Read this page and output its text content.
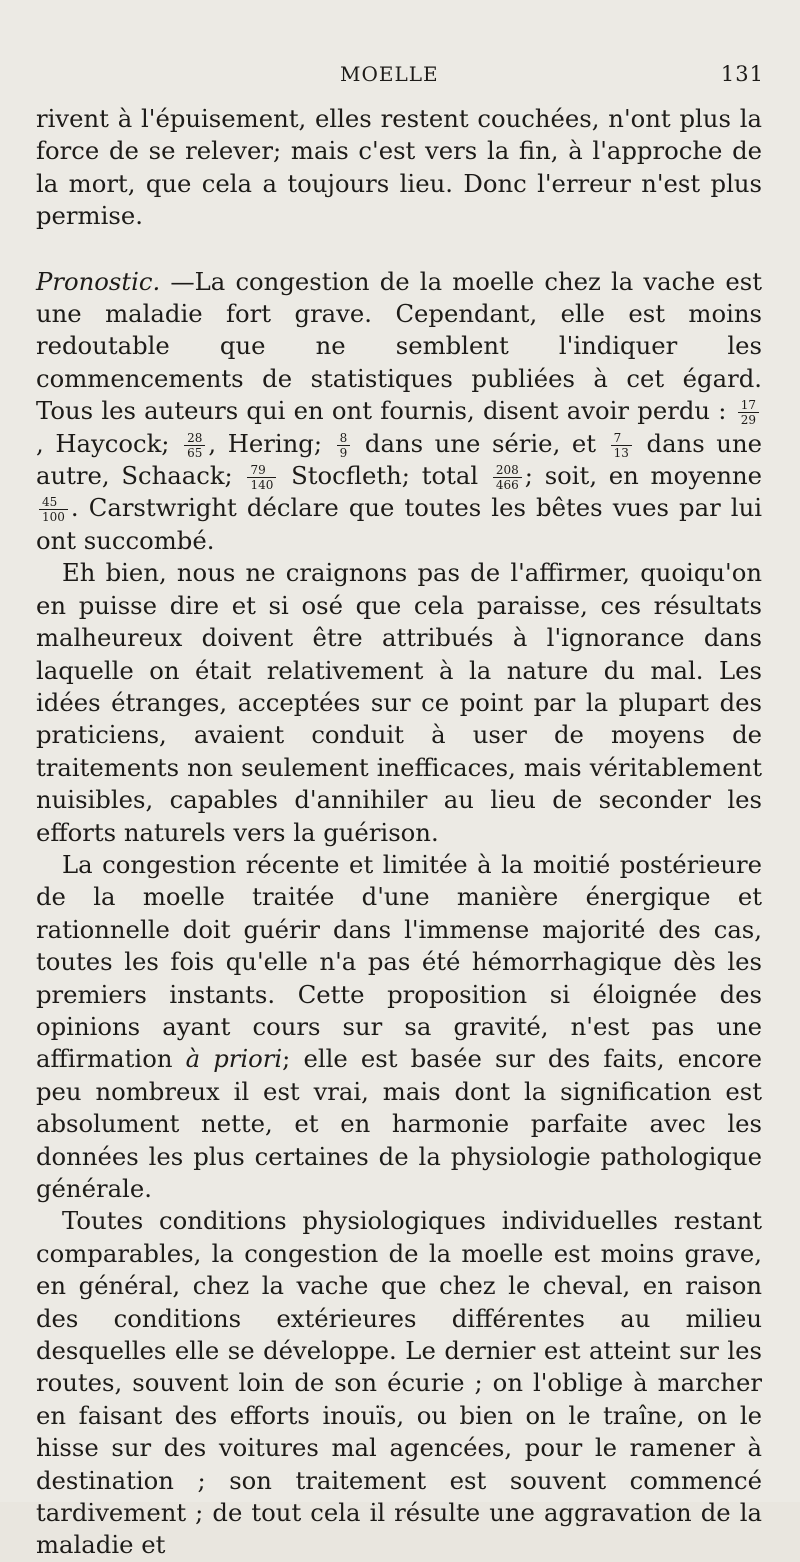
MOELLE	131

rivent à l'épuisement, elles restent couchées, n'ont plus la force de se relever; mais c'est vers la fin, à l'approche de la mort, que cela a toujours lieu. Donc l'erreur n'est plus permise.

Pronostic. —La congestion de la moelle chez la vache est une maladie fort grave. Cependant, elle est moins redoutable que ne semblent l'indiquer les commencements de statistiques publiées à cet égard. Tous les auteurs qui en ont fournis, disent avoir perdu : $\frac{17}{29}$
, Haycock; $\frac{28}{65}$ , Hering; $\frac{8}{9}$ dans une série, et $\frac{7}{13}$ dans une autre, Schaack; $\frac{79}{140}$ Stocfleth; total $\frac{208}{466}$ ; soit, en moyenne
$\frac{45}{100}$ . Carstwright déclare que toutes les bêtes vues par lui ont succombé.

Eh bien, nous ne craignons pas de l'affirmer, quoiqu'on en puisse dire et si osé que cela paraisse, ces résultats malheureux doivent être attribués à l'ignorance dans laquelle on était relativement à la nature du mal. Les idées étranges, acceptées sur ce point par la plupart des praticiens, avaient conduit à user de moyens de traitements non seulement inefficaces, mais véritablement nuisibles, capables d'annihiler au lieu de seconder les efforts naturels vers la guérison.

La congestion récente et limitée à la moitié postérieure de la moelle traitée d'une manière énergique et rationnelle doit guérir dans l'immense majorité des cas, toutes les fois qu'elle n'a pas été hémorrhagique dès les premiers instants. Cette proposition si éloignée des opinions ayant cours sur sa gravité, n'est pas une affirmation à priori; elle est basée sur des faits, encore peu nombreux il est vrai, mais dont la signification est absolument nette, et en harmonie parfaite avec les données les plus certaines de la physiologie pathologique générale.

Toutes conditions physiologiques individuelles restant comparables, la congestion de la moelle est moins grave, en général, chez la vache que chez le cheval, en raison des conditions extérieures différentes au milieu desquelles elle se développe. Le dernier est atteint sur les routes, souvent loin de son écurie ; on l'oblige à marcher en faisant des efforts inouïs, ou bien on le traîne, on le hisse sur des voitures mal agencées, pour le ramener à destination ; son traitement est souvent commencé tardivement ; de tout cela il résulte une aggravation de la maladie et
